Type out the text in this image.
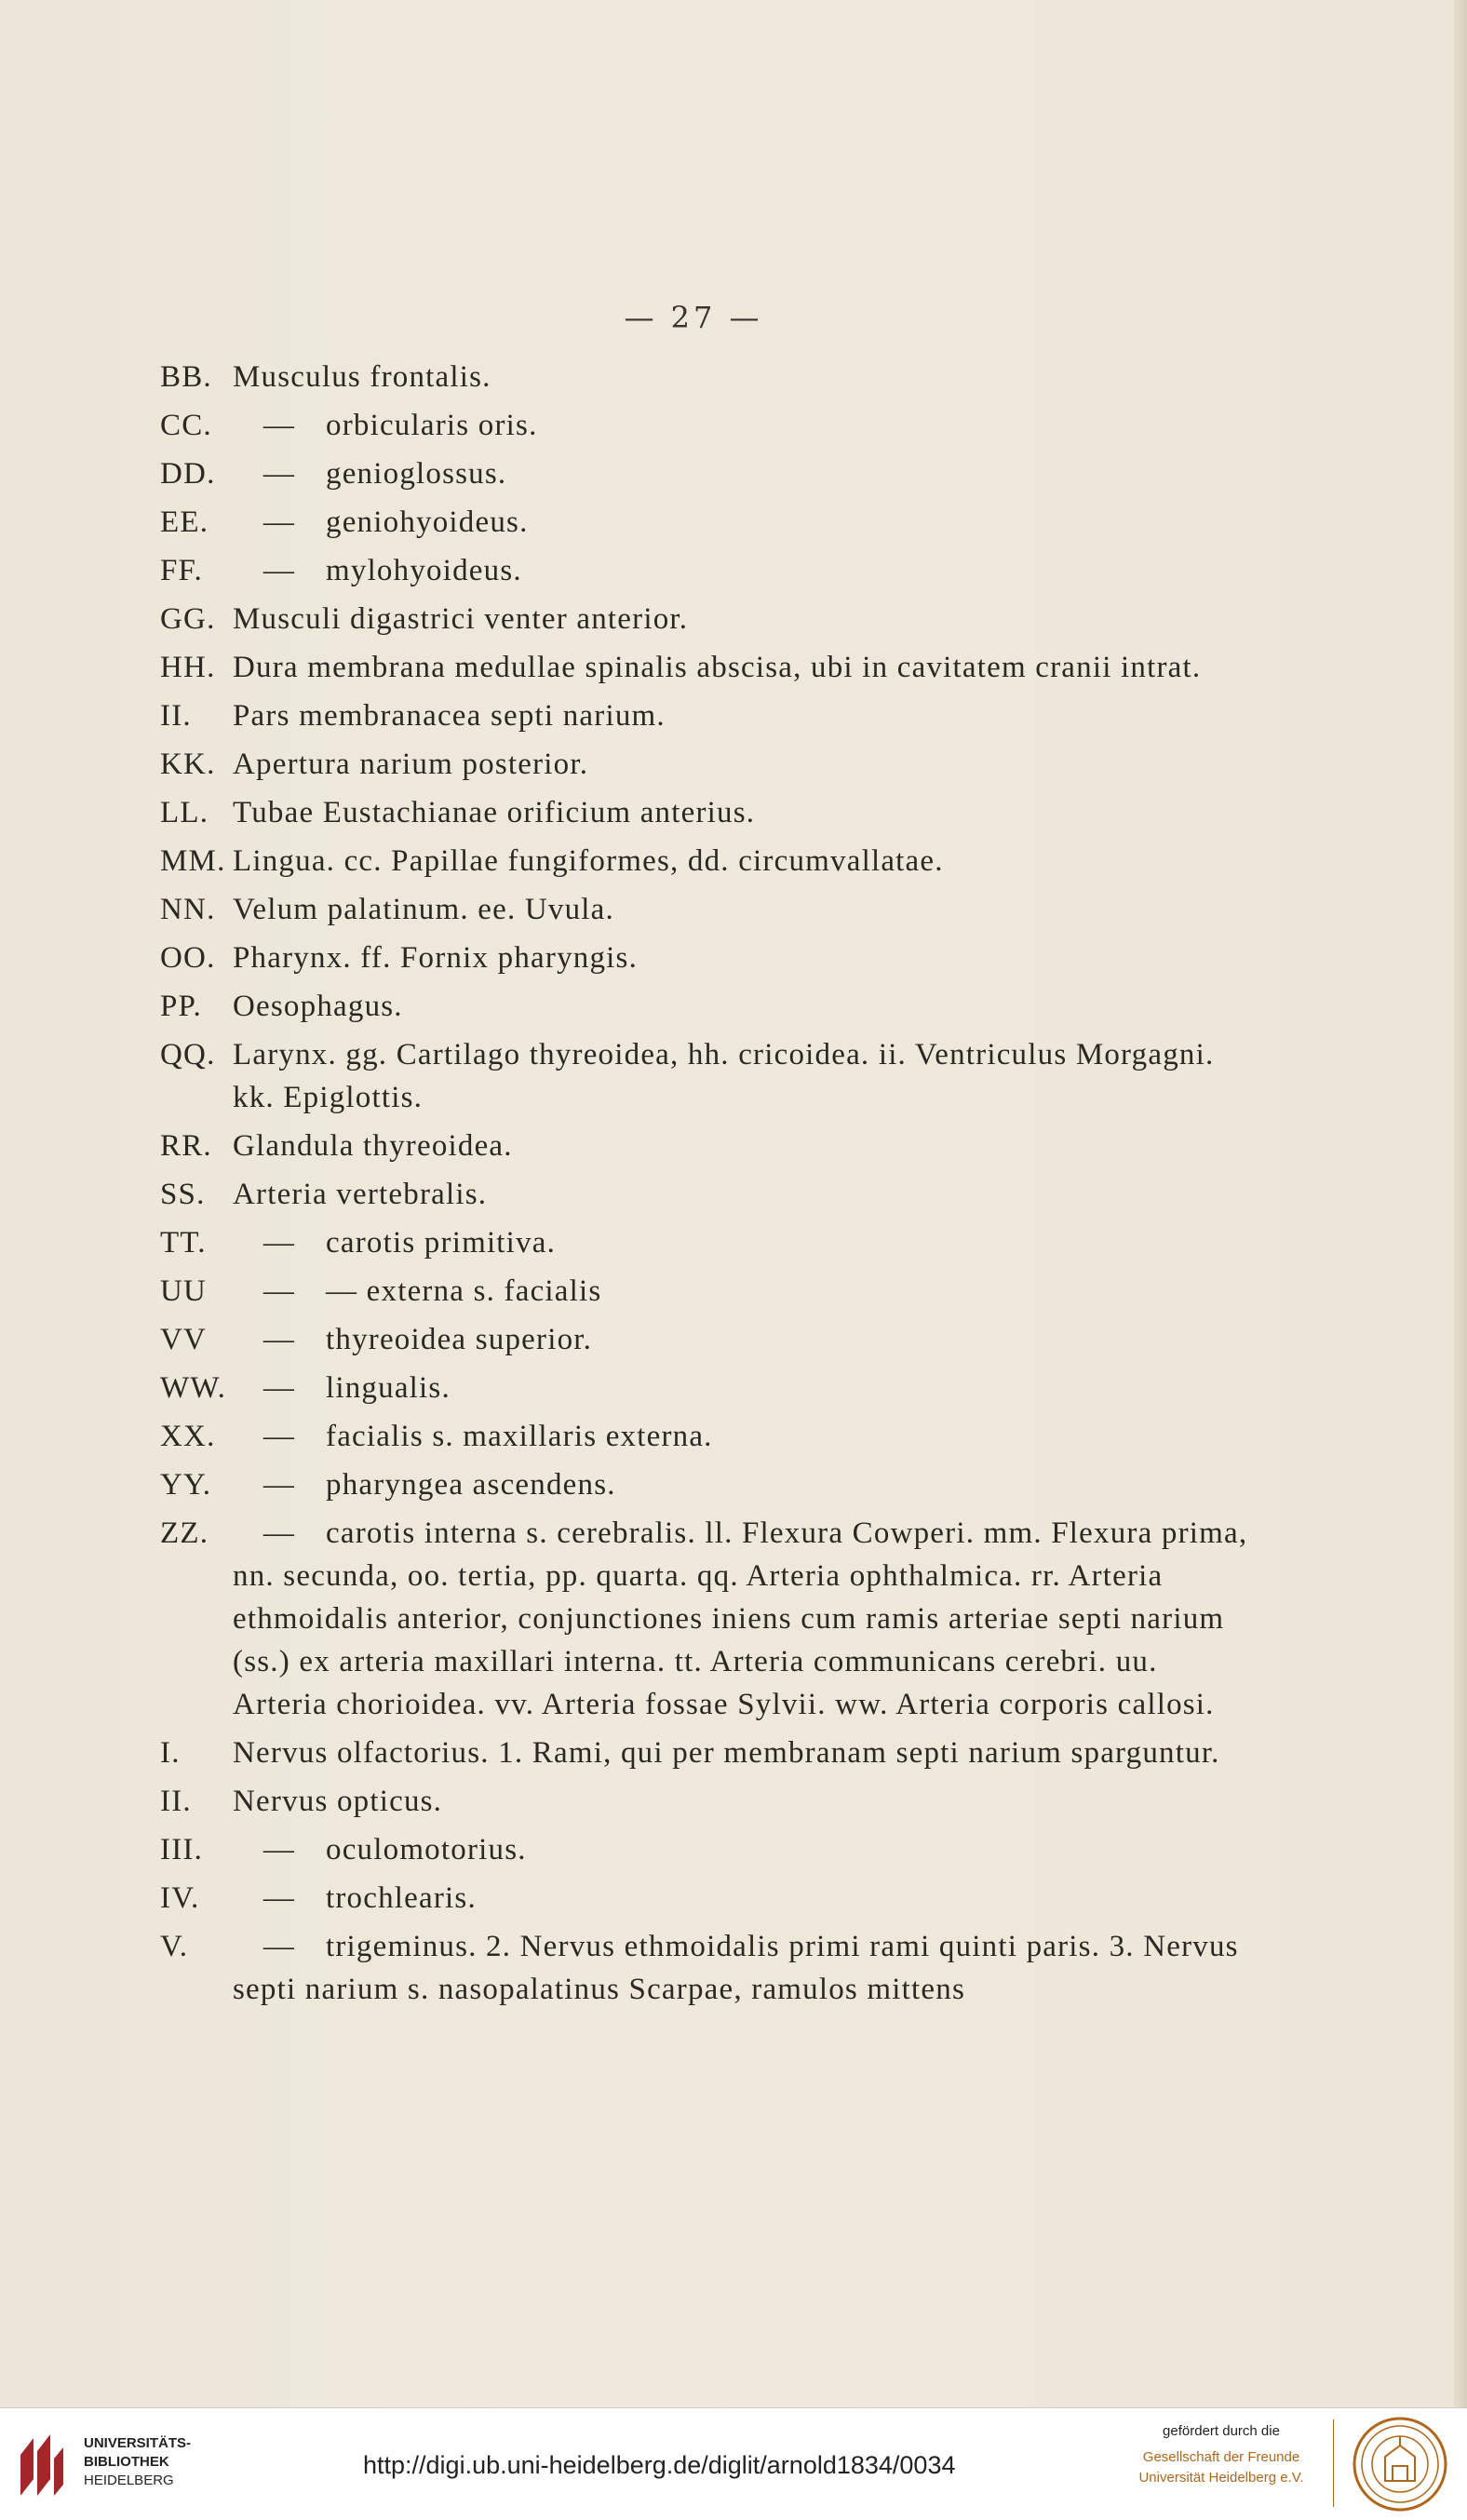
— 27 —
BB. Musculus frontalis.
CC.	— orbicularis oris.
DD.	— genioglossus.
EE.	— geniohyoideus.
FF.	— mylohyoideus.
GG. Musculi digastrici venter anterior.
HH. Dura membrana medullae spinalis abscisa, ubi in cavitatem cranii intrat.
II.	Pars membranacea septi narium.
KK. Apertura narium posterior.
LL. Tubae Eustachianae orificium anterius.
MM. Lingua. cc. Papillae fungiformes, dd. circumvallatae.
NN. Velum palatinum. ee. Uvula.
OO. Pharynx. ff. Fornix pharyngis.
PP.	Oesophagus.
QQ. Larynx. gg. Cartilago thyreoidea, hh. cricoidea. ii. Ventriculus Morgagni. kk. Epiglottis.
RR. Glandula thyreoidea.
SS. Arteria vertebralis.
TT.	— carotis primitiva.
UU	— — externa s. facialis
VV	— thyreoidea superior.
WW.	— lingualis.
XX.	— facialis s. maxillaris externa.
YY.	— pharyngea ascendens.
ZZ.	— carotis interna s. cerebralis. ll. Flexura Cowperi. mm. Flexura prima, nn. secunda, oo. tertia, pp. quarta. qq. Arteria ophthalmica. rr. Arteria ethmoidalis anterior, conjunctiones iniens cum ramis arteriae septi narium (ss.) ex arteria maxillari interna. tt. Arteria communicans cerebri. uu. Arteria chorioidea. vv. Arteria fossae Sylvii. ww. Arteria corporis callosi.
I.	Nervus olfactorius. 1. Rami, qui per membranam septi narium sparguntur.
II.	Nervus opticus.
III.	— oculomotorius.
IV.	— trochlearis.
V.	— trigeminus. 2. Nervus ethmoidalis primi rami quinti paris. 3. Nervus septi narium s. nasopalatinus Scarpae, ramulos mittens
UNIVERSITÄTS-
BIBLIOTHEK
HEIDELBERG
http://digi.ub.uni-heidelberg.de/diglit/arnold1834/0034
gefördert durch die
Gesellschaft der Freunde
Universität Heidelberg e.V.
